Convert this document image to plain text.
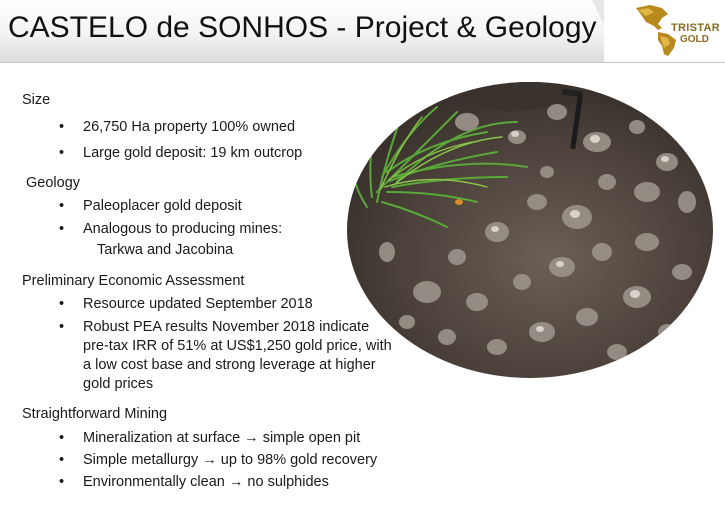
CASTELO de SONHOS - Project & Geology	TRISTAR
GOLD
Size
• 26,750 Ha property 100% owned
• Large gold deposit: 19 km outcrop
Geology
• Paleoplacer gold deposit
• Analogous to producing mines:
Tarkwa and Jacobina
Preliminary Economic Assessment
• Resource updated September 2018
• Robust PEA results November 2018 indicate pre-tax IRR of 51% at US$1,250 gold price, with a low cost base and strong leverage at higher gold prices
Straightforward Mining
• Mineralization at surface → simple open pit
• Simple metallurgy → up to 98% gold recovery
• Environmentally clean → no sulphides
